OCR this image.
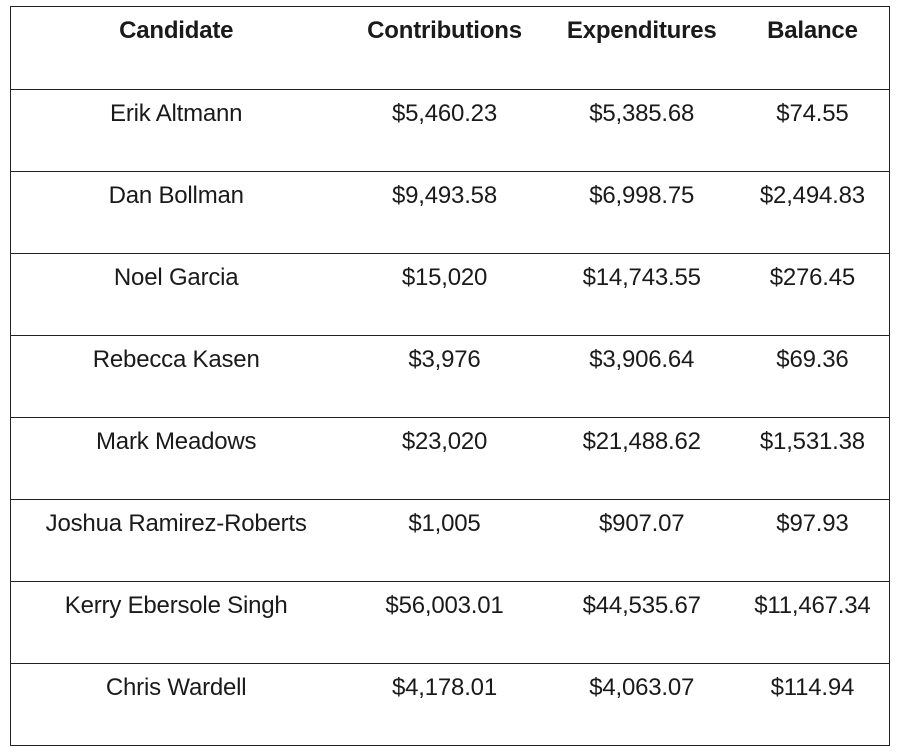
Candidate	Contributions	Expenditures	Balance
Erik Altmann	$5,460.23	$5,385.68	$74.55
Dan Bollman	$9,493.58	$6,998.75	$2,494.83
Noel Garcia	$15,020	$14,743.55	$276.45
Rebecca Kasen	$3,976	$3,906.64	$69.36
Mark Meadows	$23,020	$21,488.62	$1,531.38
Joshua Ramirez-Roberts	$1,005	$907.07	$97.93
Kerry Ebersole Singh	$56,003.01	$44,535.67	$11,467.34
Chris Wardell	$4,178.01	$4,063.07	$114.94
